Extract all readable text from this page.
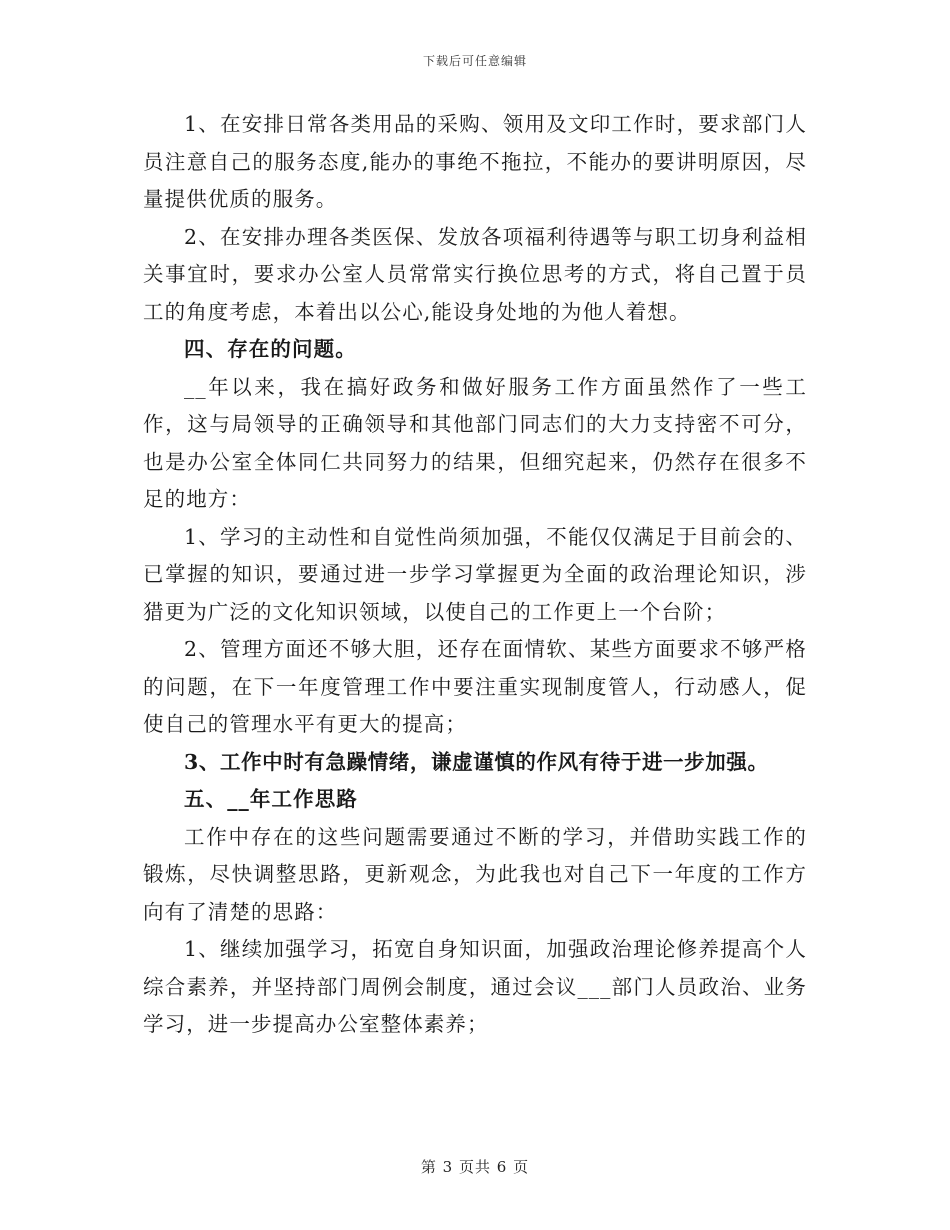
下载后可任意编辑

1、在安排日常各类用品的采购、领用及文印工作时，要求部门人员注意自己的服务态度,能办的事绝不拖拉，不能办的要讲明原因，尽量提供优质的服务。

2、在安排办理各类医保、发放各项福利待遇等与职工切身利益相关事宜时，要求办公室人员常常实行换位思考的方式，将自己置于员工的角度考虑，本着出以公心,能设身处地的为他人着想。

四、存在的问题。

__年以来，我在搞好政务和做好服务工作方面虽然作了一些工作，这与局领导的正确领导和其他部门同志们的大力支持密不可分，也是办公室全体同仁共同努力的结果，但细究起来，仍然存在很多不足的地方：

1、学习的主动性和自觉性尚须加强，不能仅仅满足于目前会的、已掌握的知识，要通过进一步学习掌握更为全面的政治理论知识，涉猎更为广泛的文化知识领域，以使自己的工作更上一个台阶；

2、管理方面还不够大胆，还存在面情软、某些方面要求不够严格的问题，在下一年度管理工作中要注重实现制度管人，行动感人，促使自己的管理水平有更大的提高；

3、工作中时有急躁情绪，谦虚谨慎的作风有待于进一步加强。

五、__年工作思路

工作中存在的这些问题需要通过不断的学习，并借助实践工作的锻炼，尽快调整思路，更新观念，为此我也对自己下一年度的工作方向有了清楚的思路：

1、继续加强学习，拓宽自身知识面，加强政治理论修养提高个人综合素养，并坚持部门周例会制度，通过会议___部门人员政治、业务学习，进一步提高办公室整体素养；

第 3 页共 6 页
